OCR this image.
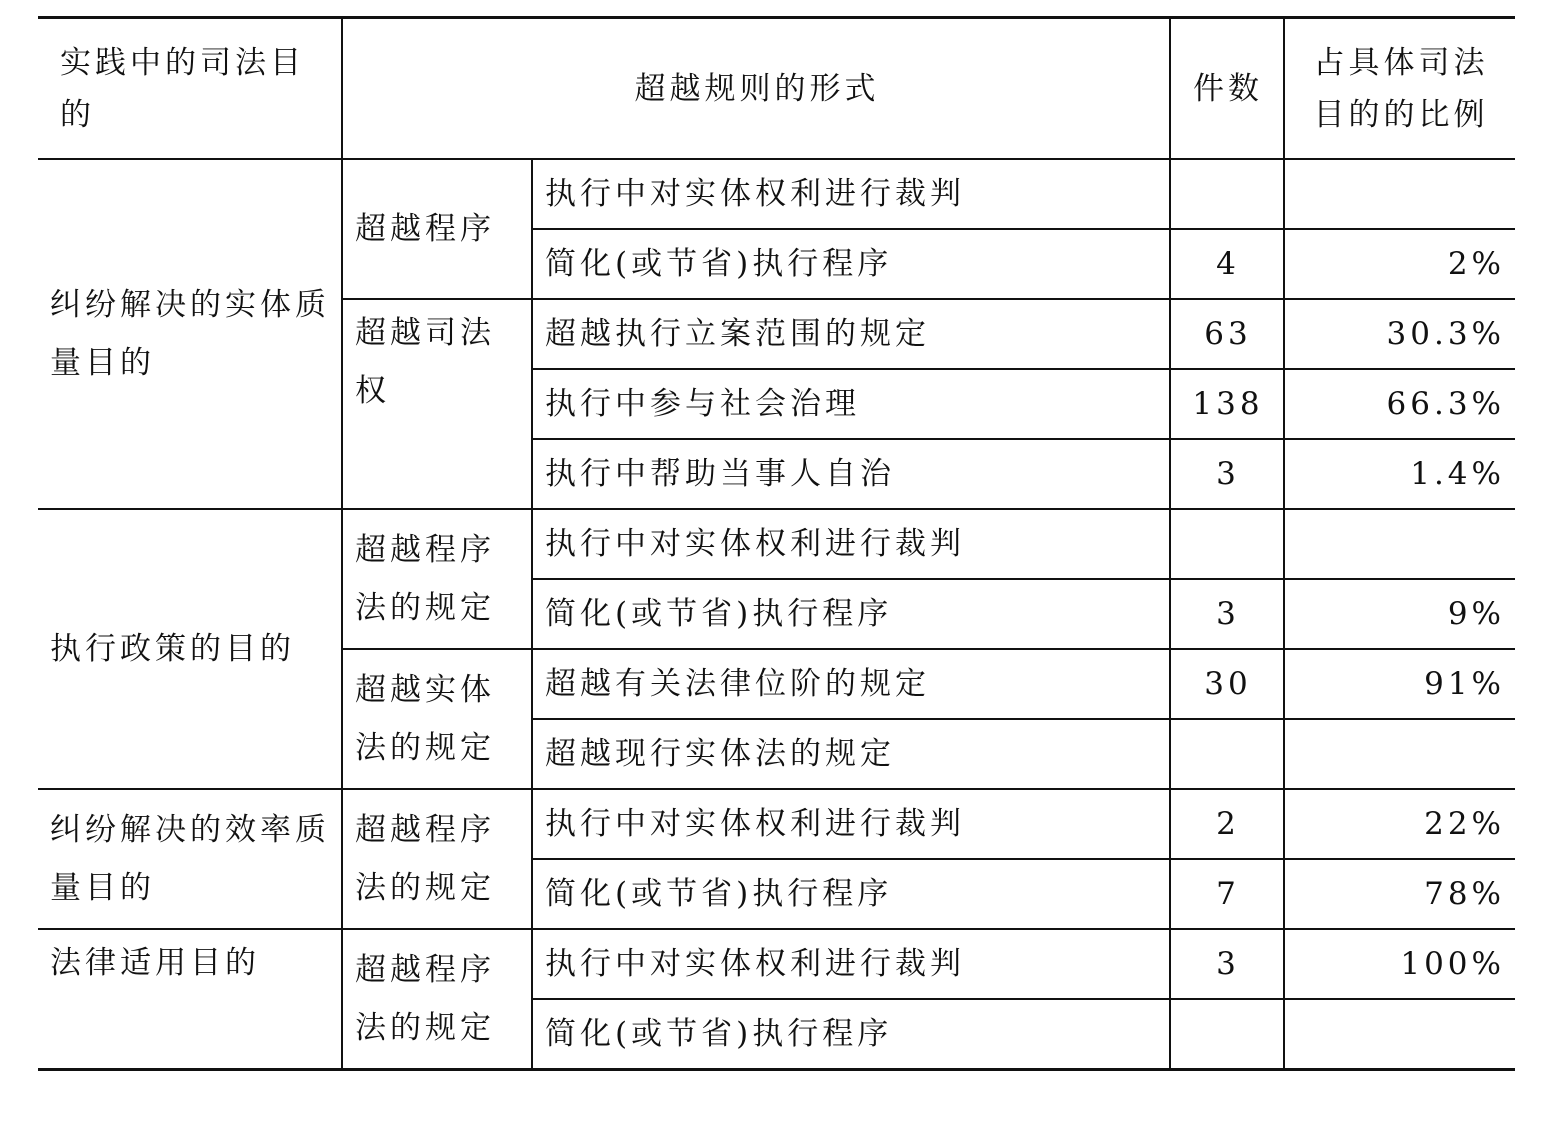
实践中的司法目的	超越规则的形式		件数	占具体司法目的的比例
纠纷解决的实体质量目的	超越程序	执行中对实体权利进行裁判		
		简化(或节省)执行程序	4	2%
	超越司法权	超越执行立案范围的规定	63	30.3%
		执行中参与社会治理	138	66.3%
		执行中帮助当事人自治	3	1.4%
执行政策的目的	超越程序法的规定	执行中对实体权利进行裁判		
		简化(或节省)执行程序	3	9%
	超越实体法的规定	超越有关法律位阶的规定	30	91%
		超越现行实体法的规定		
纠纷解决的效率质量目的	超越程序法的规定	执行中对实体权利进行裁判	2	22%
		简化(或节省)执行程序	7	78%
法律适用目的	超越程序法的规定	执行中对实体权利进行裁判	3	100%
		简化(或节省)执行程序		
